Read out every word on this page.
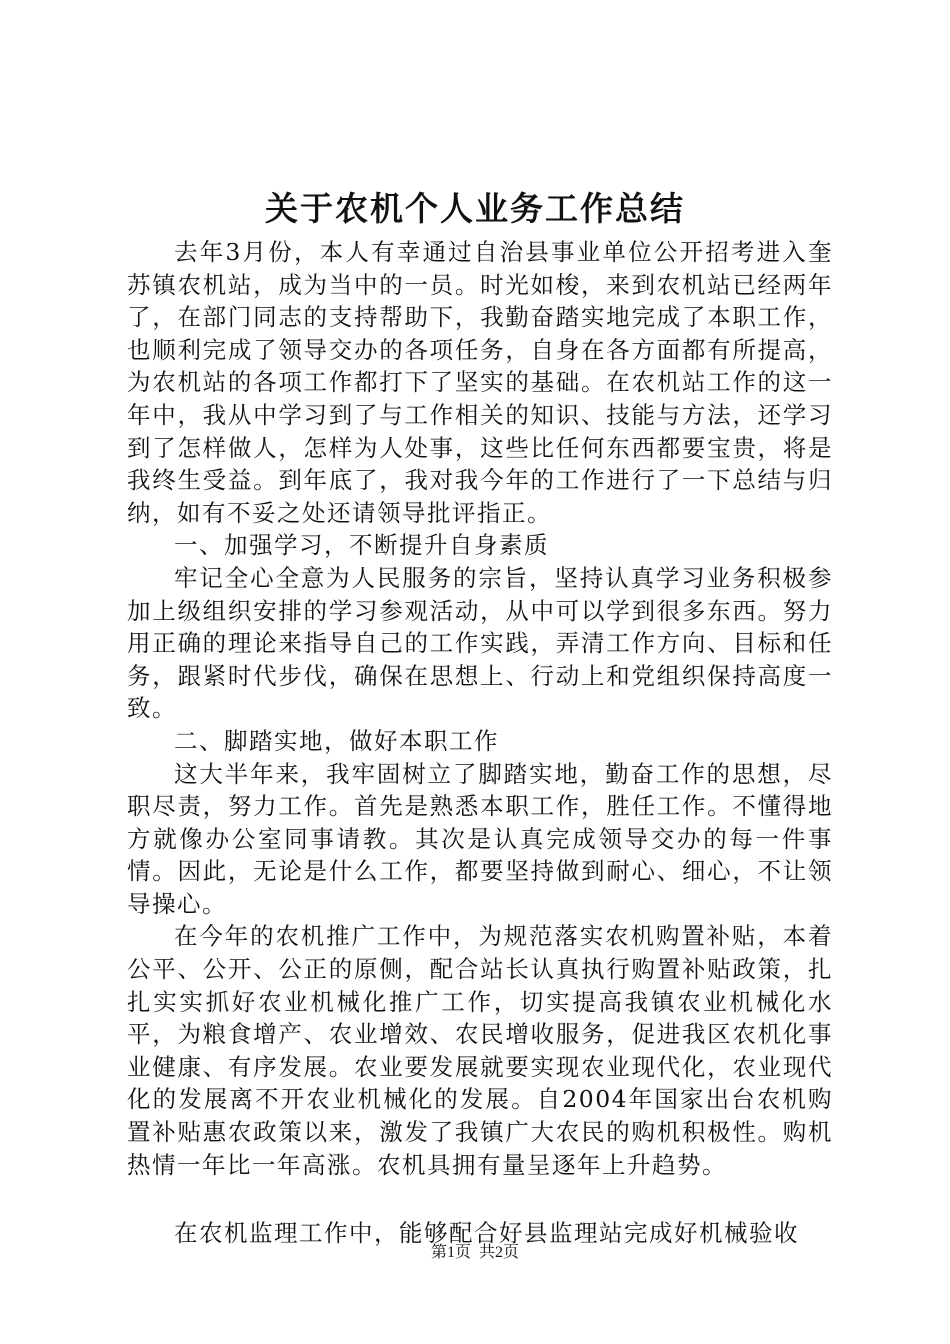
关于农机个人业务工作总结

去年3月份，本人有幸通过自治县事业单位公开招考进入奎苏镇农机站，成为当中的一员。时光如梭，来到农机站已经两年了，在部门同志的支持帮助下，我勤奋踏实地完成了本职工作，也顺利完成了领导交办的各项任务，自身在各方面都有所提高，为农机站的各项工作都打下了坚实的基础。在农机站工作的这一年中，我从中学习到了与工作相关的知识、技能与方法，还学习到了怎样做人，怎样为人处事，这些比任何东西都要宝贵，将是我终生受益。到年底了，我对我今年的工作进行了一下总结与归纳，如有不妥之处还请领导批评指正。

一、加强学习，不断提升自身素质

牢记全心全意为人民服务的宗旨，坚持认真学习业务积极参加上级组织安排的学习参观活动，从中可以学到很多东西。努力用正确的理论来指导自己的工作实践，弄清工作方向、目标和任务，跟紧时代步伐，确保在思想上、行动上和党组织保持高度一致。

二、脚踏实地，做好本职工作

这大半年来，我牢固树立了脚踏实地，勤奋工作的思想，尽职尽责，努力工作。首先是熟悉本职工作，胜任工作。不懂得地方就像办公室同事请教。其次是认真完成领导交办的每一件事情。因此，无论是什么工作，都要坚持做到耐心、细心，不让领导操心。

在今年的农机推广工作中，为规范落实农机购置补贴，本着公平、公开、公正的原侧，配合站长认真执行购置补贴政策，扎扎实实抓好农业机械化推广工作，切实提高我镇农业机械化水平，为粮食增产、农业增效、农民增收服务，促进我区农机化事业健康、有序发展。农业要发展就要实现农业现代化，农业现代化的发展离不开农业机械化的发展。自2004年国家出台农机购置补贴惠农政策以来，激发了我镇广大农民的购机积极性。购机热情一年比一年高涨。农机具拥有量呈逐年上升趋势。

在农机监理工作中，能够配合好县监理站完成好机械验收

第1页 共2页
